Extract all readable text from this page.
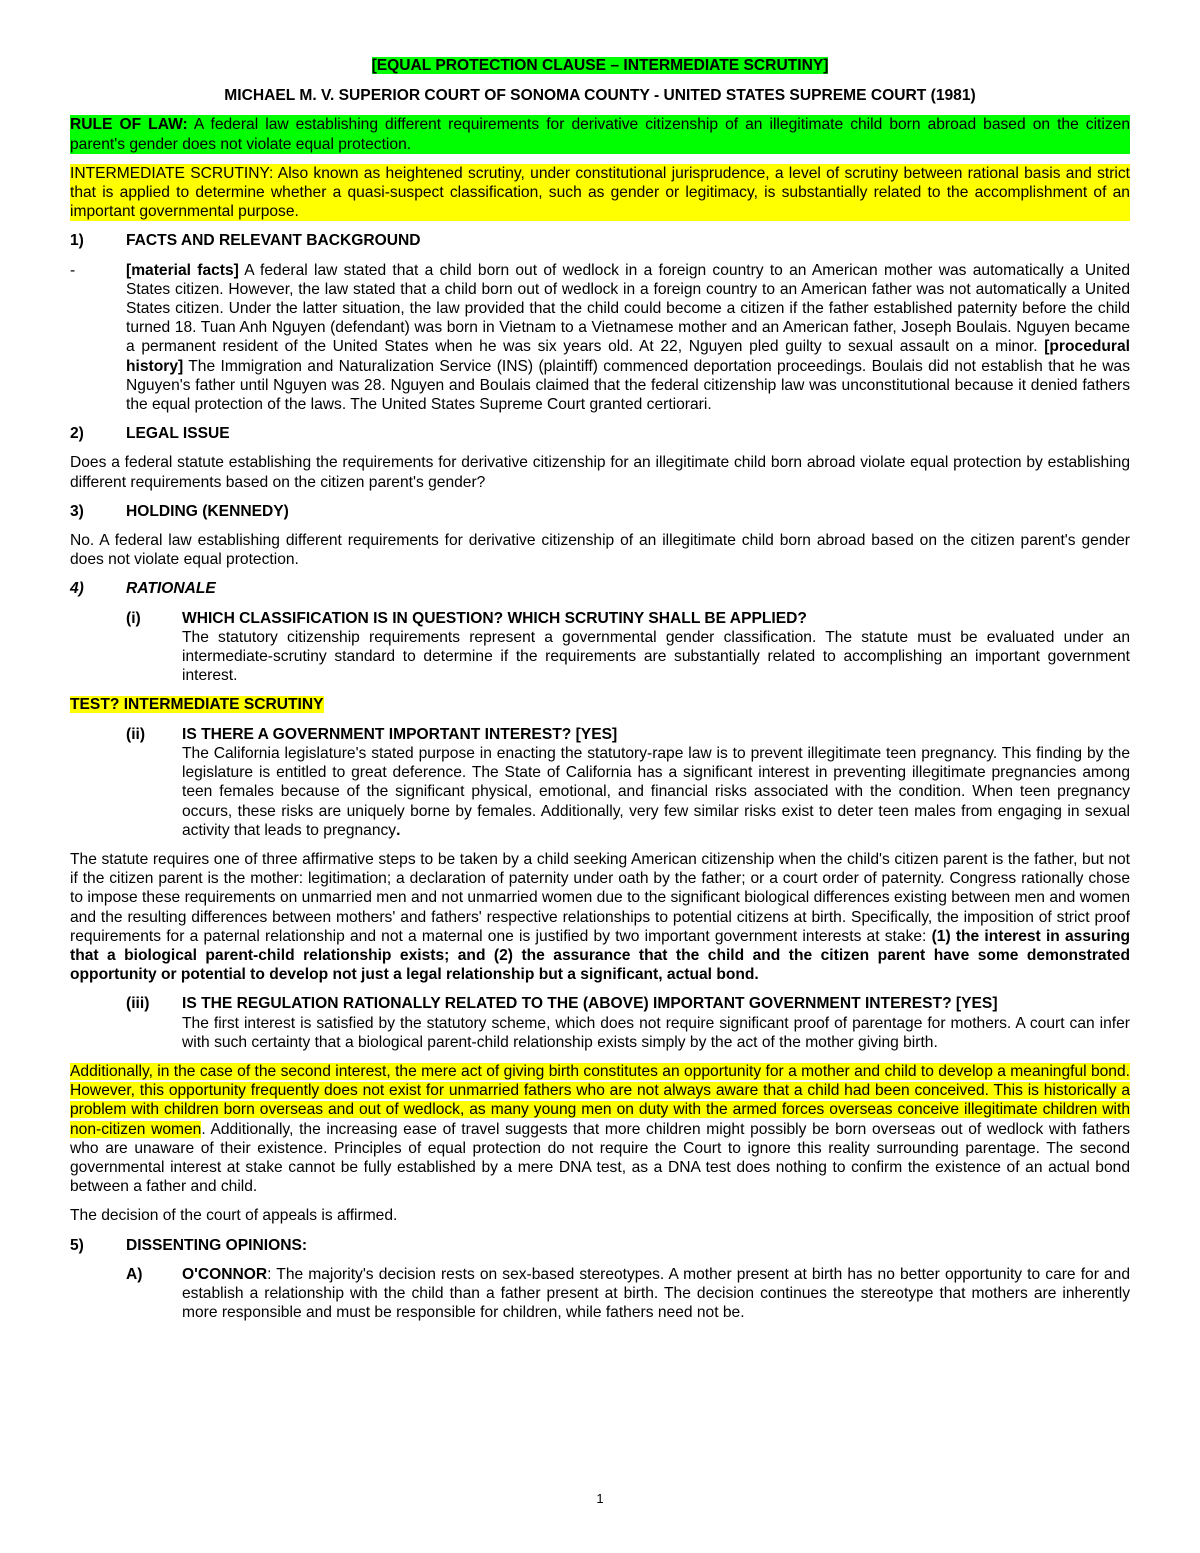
[EQUAL PROTECTION CLAUSE – INTERMEDIATE SCRUTINY]
MICHAEL M. V. SUPERIOR COURT OF SONOMA COUNTY - UNITED STATES SUPREME COURT (1981)

RULE OF LAW: A federal law establishing different requirements for derivative citizenship of an illegitimate child born abroad based on the citizen parent's gender does not violate equal protection.

INTERMEDIATE SCRUTINY: Also known as heightened scrutiny, under constitutional jurisprudence, a level of scrutiny between rational basis and strict that is applied to determine whether a quasi-suspect classification, such as gender or legitimacy, is substantially related to the accomplishment of an important governmental purpose.

1)	FACTS AND RELEVANT BACKGROUND
-	[material facts] A federal law stated that a child born out of wedlock in a foreign country to an American mother was automatically a United States citizen. However, the law stated that a child born out of wedlock in a foreign country to an American father was not automatically a United States citizen. Under the latter situation, the law provided that the child could become a citizen if the father established paternity before the child turned 18. Tuan Anh Nguyen (defendant) was born in Vietnam to a Vietnamese mother and an American father, Joseph Boulais. Nguyen became a permanent resident of the United States when he was six years old. At 22, Nguyen pled guilty to sexual assault on a minor. [procedural history] The Immigration and Naturalization Service (INS) (plaintiff) commenced deportation proceedings. Boulais did not establish that he was Nguyen's father until Nguyen was 28. Nguyen and Boulais claimed that the federal citizenship law was unconstitutional because it denied fathers the equal protection of the laws. The United States Supreme Court granted certiorari.
2)	LEGAL ISSUE

Does a federal statute establishing the requirements for derivative citizenship for an illegitimate child born abroad violate equal protection by establishing different requirements based on the citizen parent's gender?

3)	HOLDING (KENNEDY)

No. A federal law establishing different requirements for derivative citizenship of an illegitimate child born abroad based on the citizen parent's gender does not violate equal protection.

4)	RATIONALE
(i)	WHICH CLASSIFICATION IS IN QUESTION? WHICH SCRUTINY SHALL BE APPLIED?
The statutory citizenship requirements represent a governmental gender classification. The statute must be evaluated under an intermediate-scrutiny standard to determine if the requirements are substantially related to accomplishing an important government interest.
TEST? INTERMEDIATE SCRUTINY
(ii)	IS THERE A GOVERNMENT IMPORTANT INTEREST? [YES]
The California legislature's stated purpose in enacting the statutory-rape law is to prevent illegitimate teen pregnancy. This finding by the legislature is entitled to great deference. The State of California has a significant interest in preventing illegitimate pregnancies among teen females because of the significant physical, emotional, and financial risks associated with the condition. When teen pregnancy occurs, these risks are uniquely borne by females. Additionally, very few similar risks exist to deter teen males from engaging in sexual activity that leads to pregnancy.

The statute requires one of three affirmative steps to be taken by a child seeking American citizenship when the child's citizen parent is the father, but not if the citizen parent is the mother: legitimation; a declaration of paternity under oath by the father; or a court order of paternity. Congress rationally chose to impose these requirements on unmarried men and not unmarried women due to the significant biological differences existing between men and women and the resulting differences between mothers' and fathers' respective relationships to potential citizens at birth. Specifically, the imposition of strict proof requirements for a paternal relationship and not a maternal one is justified by two important government interests at stake: (1) the interest in assuring that a biological parent-child relationship exists; and (2) the assurance that the child and the citizen parent have some demonstrated opportunity or potential to develop not just a legal relationship but a significant, actual bond.

(iii)	IS THE REGULATION RATIONALLY RELATED TO THE (ABOVE) IMPORTANT GOVERNMENT INTEREST? [YES]
The first interest is satisfied by the statutory scheme, which does not require significant proof of parentage for mothers. A court can infer with such certainty that a biological parent-child relationship exists simply by the act of the mother giving birth.

Additionally, in the case of the second interest, the mere act of giving birth constitutes an opportunity for a mother and child to develop a meaningful bond. However, this opportunity frequently does not exist for unmarried fathers who are not always aware that a child had been conceived. This is historically a problem with children born overseas and out of wedlock, as many young men on duty with the armed forces overseas conceive illegitimate children with non-citizen women. Additionally, the increasing ease of travel suggests that more children might possibly be born overseas out of wedlock with fathers who are unaware of their existence. Principles of equal protection do not require the Court to ignore this reality surrounding parentage. The second governmental interest at stake cannot be fully established by a mere DNA test, as a DNA test does nothing to confirm the existence of an actual bond between a father and child.

The decision of the court of appeals is affirmed.

5)	DISSENTING OPINIONS:
A)	O'CONNOR: The majority's decision rests on sex-based stereotypes. A mother present at birth has no better opportunity to care for and establish a relationship with the child than a father present at birth. The decision continues the stereotype that mothers are inherently more responsible and must be responsible for children, while fathers need not be.
1
